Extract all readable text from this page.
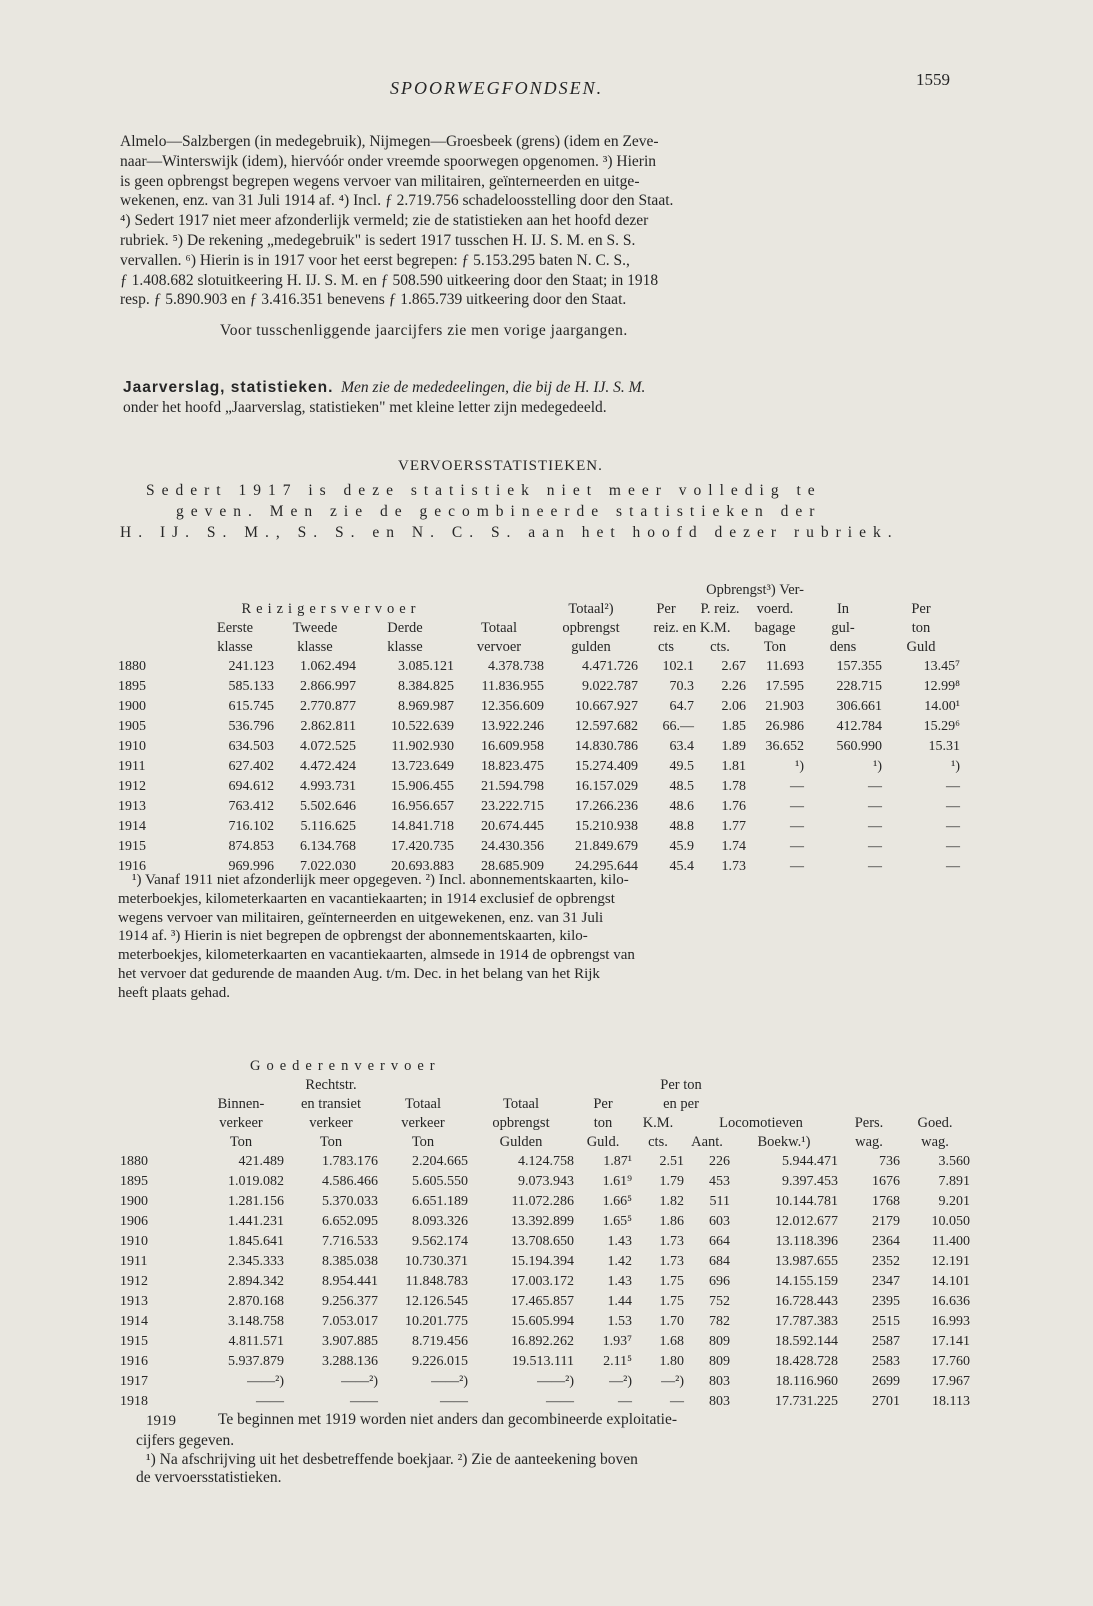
SPOORWEGFONDSEN.	1559
Almelo—Salzbergen (in medegebruik), Nijmegen—Groesbeek (grens) (idem en Zeve-
naar—Winterswijk (idem), hiervóór onder vreemde spoorwegen opgenomen. ³) Hierin
is geen opbrengst begrepen wegens vervoer van militairen, geïnterneerden en uitge-
wekenen, enz. van 31 Juli 1914 af. ⁴) Incl. ƒ 2.719.756 schadeloosstelling door den Staat.
⁴) Sedert 1917 niet meer afzonderlijk vermeld; zie de statistieken aan het hoofd dezer
rubriek. ⁵) De rekening „medegebruik" is sedert 1917 tusschen H. IJ. S. M. en S. S.
vervallen. ⁶) Hierin is in 1917 voor het eerst begrepen: ƒ 5.153.295 baten N. C. S.,
ƒ 1.408.682 slotuitkeering H. IJ. S. M. en ƒ 508.590 uitkeering door den Staat; in 1918
resp. ƒ 5.890.903 en ƒ 3.416.351 benevens ƒ 1.865.739 uitkeering door den Staat.
Voor tusschenliggende jaarcijfers zie men vorige jaargangen.
Jaarverslag, statistieken. Men zie de mededeelingen, die bij de H. IJ. S. M.
onder het hoofd „Jaarverslag, statistieken" met kleine letter zijn medegedeeld.
VERVOERSSTATISTIEKEN.
Sedert 1917 is deze statistiek niet meer volledig te
geven. Men zie de gecombineerde statistieken der
H. IJ. S. M., S. S. en N. C. S. aan het hoofd dezer rubriek.
						Opbrengst³) Ver-				
Reizigersvervoer					Totaal²)	Per	P. reiz.	voerd.	In	Per
	Eerste	Tweede	Derde	Totaal	opbrengst	reiz. en K.M.		bagage	gul-	ton
	klasse	klasse	klasse	vervoer	gulden	cts	cts.	Ton	dens	Guld
1880	241.123	1.062.494	3.085.121	4.378.738	4.471.726	102.1	2.67	11.693	157.355	13.45⁷
1895	585.133	2.866.997	8.384.825	11.836.955	9.022.787	70.3	2.26	17.595	228.715	12.99⁸
1900	615.745	2.770.877	8.969.987	12.356.609	10.667.927	64.7	2.06	21.903	306.661	14.00¹
1905	536.796	2.862.811	10.522.639	13.922.246	12.597.682	66.—	1.85	26.986	412.784	15.29⁶
1910	634.503	4.072.525	11.902.930	16.609.958	14.830.786	63.4	1.89	36.652	560.990	15.31
1911	627.402	4.472.424	13.723.649	18.823.475	15.274.409	49.5	1.81	¹)	¹)	¹)
1912	694.612	4.993.731	15.906.455	21.594.798	16.157.029	48.5	1.78	—	—	—
1913	763.412	5.502.646	16.956.657	23.222.715	17.266.236	48.6	1.76	—	—	—
1914	716.102	5.116.625	14.841.718	20.674.445	15.210.938	48.8	1.77	—	—	—
1915	874.853	6.134.768	17.420.735	24.430.356	21.849.679	45.9	1.74	—	—	—
1916	969.996	7.022.030	20.693.883	28.685.909	24.295.644	45.4	1.73	—	—	—
¹) Vanaf 1911 niet afzonderlijk meer opgegeven. ²) Incl. abonnementskaarten, kilo-
meterboekjes, kilometerkaarten en vacantiekaarten; in 1914 exclusief de opbrengst
wegens vervoer van militairen, geïnterneerden en uitgewekenen, enz. van 31 Juli
1914 af. ³) Hierin is niet begrepen de opbrengst der abonnementskaarten, kilo-
meterboekjes, kilometerkaarten en vacantiekaarten, almsede in 1914 de opbrengst van
het vervoer dat gedurende de maanden Aug. t/m. Dec. in het belang van het Rijk
heeft plaats gehad.
Goederenvervoer										
		Rechtstr.				Per ton				
	Binnen-	en transiet	Totaal	Totaal	Per	en per				
	verkeer	verkeer	verkeer	opbrengst	ton	K.M.	Locomotieven		Pers.	Goed.
	Ton	Ton	Ton	Gulden	Guld.	cts.	Aant.	Boekw.¹)	wag.	wag.
1880	421.489	1.783.176	2.204.665	4.124.758	1.87¹	2.51	226	5.944.471	736	3.560
1895	1.019.082	4.586.466	5.605.550	9.073.943	1.61⁹	1.79	453	9.397.453	1676	7.891
1900	1.281.156	5.370.033	6.651.189	11.072.286	1.66⁵	1.82	511	10.144.781	1768	9.201
1906	1.441.231	6.652.095	8.093.326	13.392.899	1.65⁵	1.86	603	12.012.677	2179	10.050
1910	1.845.641	7.716.533	9.562.174	13.708.650	1.43	1.73	664	13.118.396	2364	11.400
1911	2.345.333	8.385.038	10.730.371	15.194.394	1.42	1.73	684	13.987.655	2352	12.191
1912	2.894.342	8.954.441	11.848.783	17.003.172	1.43	1.75	696	14.155.159	2347	14.101
1913	2.870.168	9.256.377	12.126.545	17.465.857	1.44	1.75	752	16.728.443	2395	16.636
1914	3.148.758	7.053.017	10.201.775	15.605.994	1.53	1.70	782	17.787.383	2515	16.993
1915	4.811.571	3.907.885	8.719.456	16.892.262	1.93⁷	1.68	809	18.592.144	2587	17.141
1916	5.937.879	3.288.136	9.226.015	19.513.111	2.11⁵	1.80	809	18.428.728	2583	17.760
1917	——²)	——²)	——²)	——²)	—²)	—²)	803	18.116.960	2699	17.967
1918	——	——	——	——	—	—	803	17.731.225	2701	18.113
1919	Te beginnen met 1919 worden niet anders dan gecombineerde exploitatie-
cijfers gegeven.
¹) Na afschrijving uit het desbetreffende boekjaar. ²) Zie de aanteekening boven
de vervoersstatistieken.
